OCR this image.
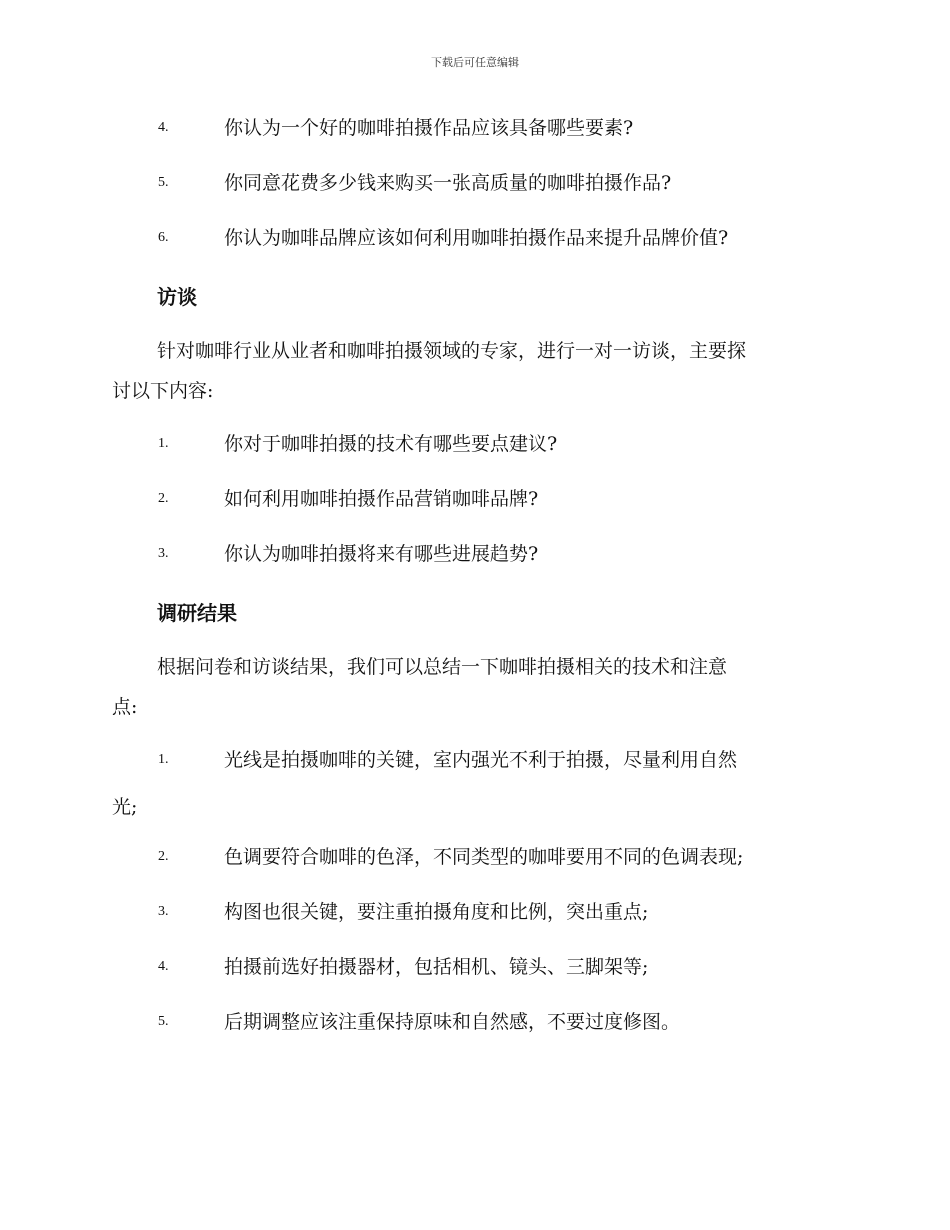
下载后可任意编辑
4.	你认为一个好的咖啡拍摄作品应该具备哪些要素?
5.	你同意花费多少钱来购买一张高质量的咖啡拍摄作品?
6.	你认为咖啡品牌应该如何利用咖啡拍摄作品来提升品牌价值?
访谈
针对咖啡行业从业者和咖啡拍摄领域的专家，进行一对一访谈，主要探
讨以下内容:
1.	你对于咖啡拍摄的技术有哪些要点建议?
2.	如何利用咖啡拍摄作品营销咖啡品牌?
3.	你认为咖啡拍摄将来有哪些进展趋势?
调研结果
根据问卷和访谈结果，我们可以总结一下咖啡拍摄相关的技术和注意
点:
1.	光线是拍摄咖啡的关键，室内强光不利于拍摄，尽量利用自然
光;
2.	色调要符合咖啡的色泽，不同类型的咖啡要用不同的色调表现;
3.	构图也很关键，要注重拍摄角度和比例，突出重点;
4.	拍摄前选好拍摄器材，包括相机、镜头、三脚架等;
5.	后期调整应该注重保持原味和自然感，不要过度修图。
